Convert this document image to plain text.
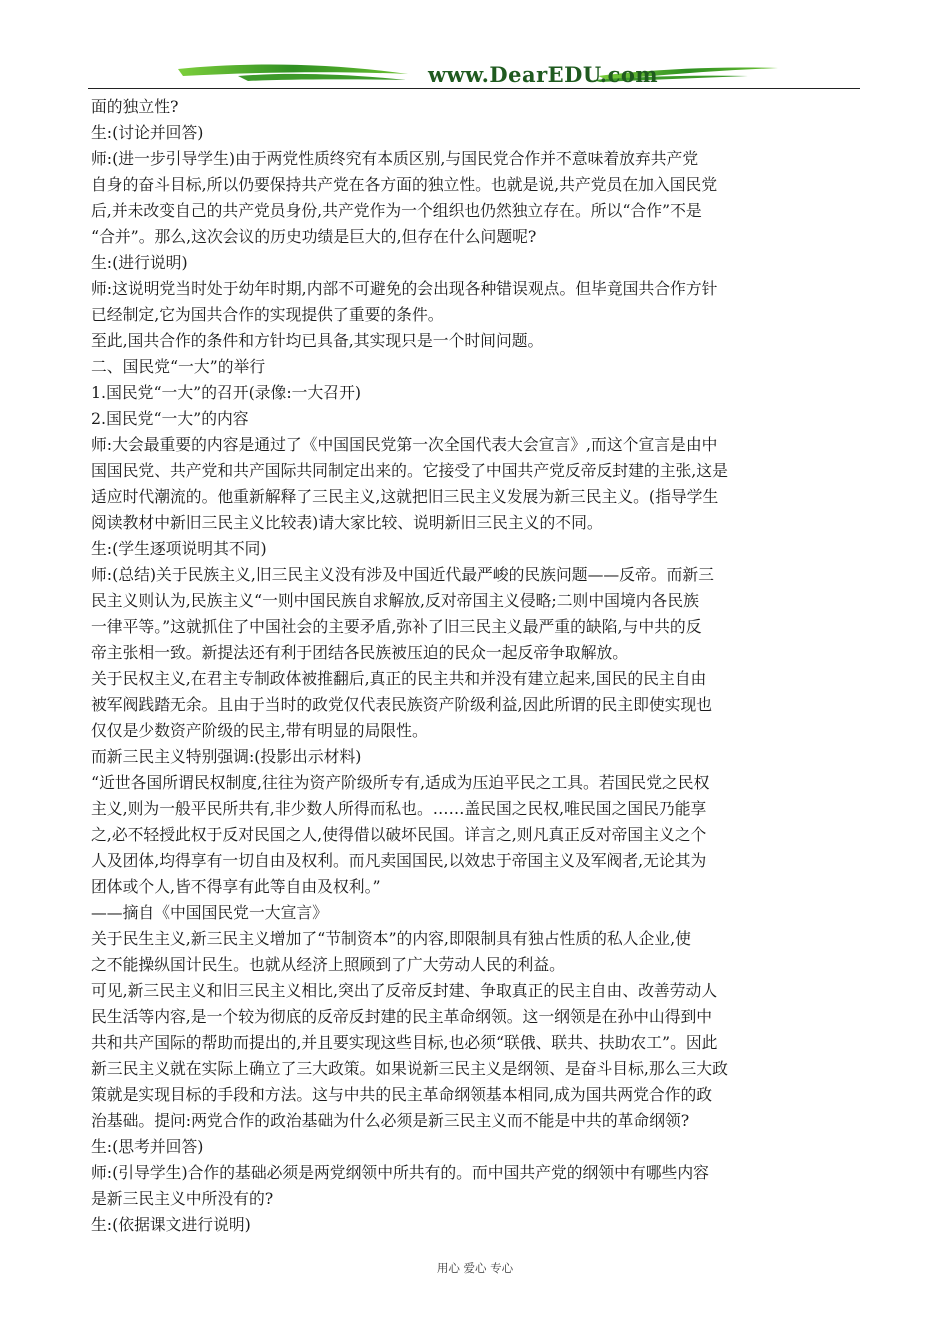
www.DearEDU.com
面的独立性?
生:(讨论并回答)
师:(进一步引导学生)由于两党性质终究有本质区别,与国民党合作并不意味着放弃共产党
自身的奋斗目标,所以仍要保持共产党在各方面的独立性。也就是说,共产党员在加入国民党
后,并未改变自己的共产党员身份,共产党作为一个组织也仍然独立存在。所以“合作”不是
“合并”。那么,这次会议的历史功绩是巨大的,但存在什么问题呢?
生:(进行说明)
师:这说明党当时处于幼年时期,内部不可避免的会出现各种错误观点。但毕竟国共合作方针
已经制定,它为国共合作的实现提供了重要的条件。
至此,国共合作的条件和方针均已具备,其实现只是一个时间问题。
二、国民党“一大”的举行
1.国民党“一大”的召开(录像:一大召开)
2.国民党“一大”的内容
师:大会最重要的内容是通过了《中国国民党第一次全国代表大会宣言》,而这个宣言是由中
国国民党、共产党和共产国际共同制定出来的。它接受了中国共产党反帝反封建的主张,这是
适应时代潮流的。他重新解释了三民主义,这就把旧三民主义发展为新三民主义。(指导学生
阅读教材中新旧三民主义比较表)请大家比较、说明新旧三民主义的不同。
生:(学生逐项说明其不同)
师:(总结)关于民族主义,旧三民主义没有涉及中国近代最严峻的民族问题——反帝。而新三
民主义则认为,民族主义“一则中国民族自求解放,反对帝国主义侵略;二则中国境内各民族
一律平等。”这就抓住了中国社会的主要矛盾,弥补了旧三民主义最严重的缺陷,与中共的反
帝主张相一致。新提法还有利于团结各民族被压迫的民众一起反帝争取解放。
关于民权主义,在君主专制政体被推翻后,真正的民主共和并没有建立起来,国民的民主自由
被军阀践踏无余。且由于当时的政党仅代表民族资产阶级利益,因此所谓的民主即使实现也
仅仅是少数资产阶级的民主,带有明显的局限性。
而新三民主义特别强调:(投影出示材料)
“近世各国所谓民权制度,往往为资产阶级所专有,适成为压迫平民之工具。若国民党之民权
主义,则为一般平民所共有,非少数人所得而私也。……盖民国之民权,唯民国之国民乃能享
之,必不轻授此权于反对民国之人,使得借以破坏民国。详言之,则凡真正反对帝国主义之个
人及团体,均得享有一切自由及权利。而凡卖国国民,以效忠于帝国主义及军阀者,无论其为
团体或个人,皆不得享有此等自由及权利。”
——摘自《中国国民党一大宣言》
关于民生主义,新三民主义增加了“节制资本”的内容,即限制具有独占性质的私人企业,使
之不能操纵国计民生。也就从经济上照顾到了广大劳动人民的利益。
可见,新三民主义和旧三民主义相比,突出了反帝反封建、争取真正的民主自由、改善劳动人
民生活等内容,是一个较为彻底的反帝反封建的民主革命纲领。这一纲领是在孙中山得到中
共和共产国际的帮助而提出的,并且要实现这些目标,也必须“联俄、联共、扶助农工”。因此
新三民主义就在实际上确立了三大政策。如果说新三民主义是纲领、是奋斗目标,那么三大政
策就是实现目标的手段和方法。这与中共的民主革命纲领基本相同,成为国共两党合作的政
治基础。提问:两党合作的政治基础为什么必须是新三民主义而不能是中共的革命纲领?
生:(思考并回答)
师:(引导学生)合作的基础必须是两党纲领中所共有的。而中国共产党的纲领中有哪些内容
是新三民主义中所没有的?
生:(依据课文进行说明)
用心 爱心 专心
